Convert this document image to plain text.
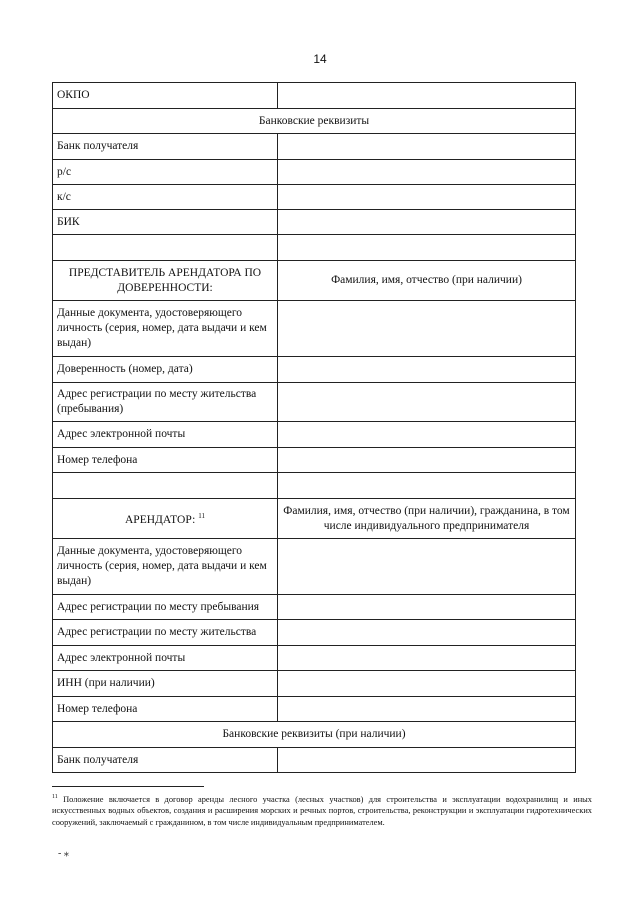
14
ОКПО	
Банковские реквизиты	
Банк получателя	
р/с	
к/с	
БИК	

ПРЕДСТАВИТЕЛЬ АРЕНДАТОРА ПО ДОВЕРЕННОСТИ:	Фамилия, имя, отчество (при наличии)
Данные документа, удостоверяющего личность (серия, номер, дата выдачи и кем выдан)	
Доверенность (номер, дата)	
Адрес регистрации по месту жительства (пребывания)	
Адрес электронной почты	
Номер телефона	

АРЕНДАТОР: $^{11}$	Фамилия, имя, отчество (при наличии), гражданина, в том числе индивидуального предпринимателя
Данные документа, удостоверяющего личность (серия, номер, дата выдачи и кем выдан)	
Адрес регистрации по месту пребывания	
Адрес регистрации по месту жительства	
Адрес электронной почты	
ИНН (при наличии)	
Номер телефона	
Банковские реквизиты (при наличии)	
Банк получателя	
$^{11}$ Положение включается в договор аренды лесного участка (лесных участков) для строительства и эксплуатации водохранилищ и иных искусственных водных объектов, создания и расширения морских и речных портов, строительства, реконструкции и эксплуатации гидротехнических сооружений, заключаемый с гражданином, в том числе индивидуальным предпринимателем.
- ⁎
